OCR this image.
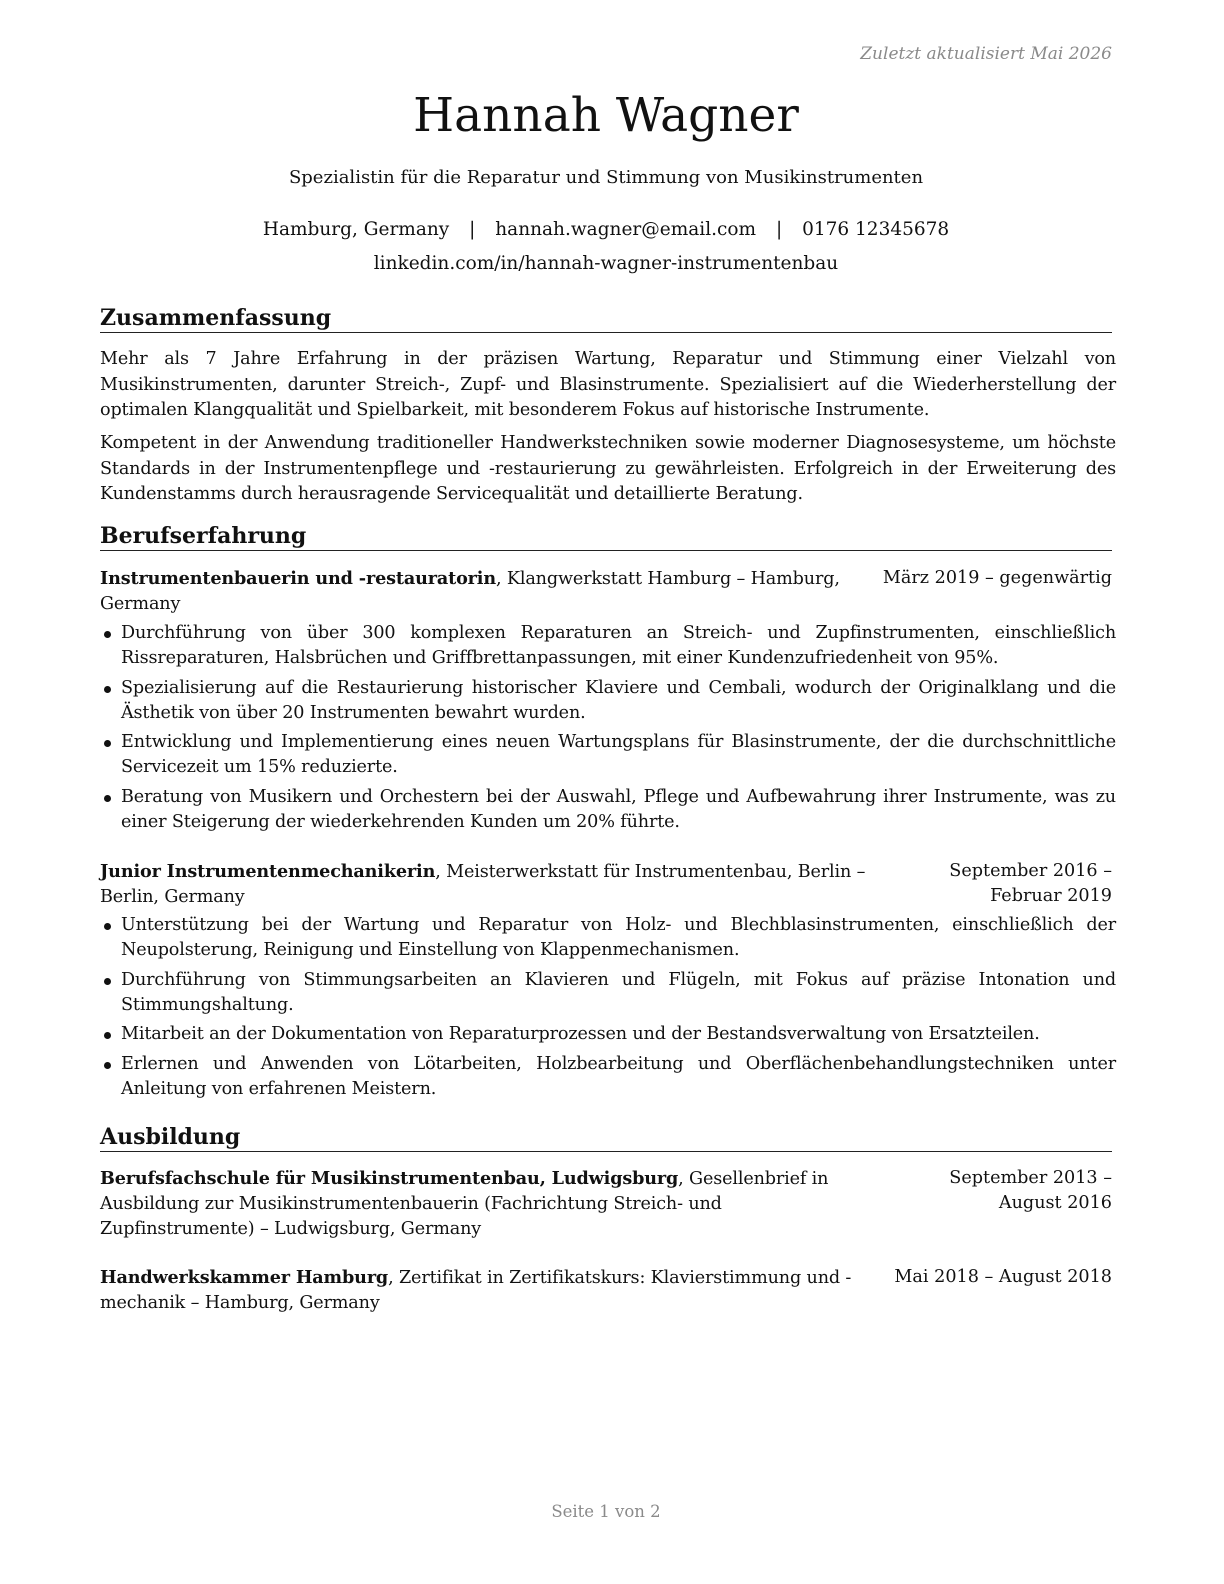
Zuletzt aktualisiert Mai 2026
Hannah Wagner
Spezialistin für die Reparatur und Stimmung von Musikinstrumenten
Hamburg, Germany | hannah.wagner@email.com | 0176 12345678
linkedin.com/in/hannah-wagner-instrumentenbau
Zusammenfassung
Mehr als 7 Jahre Erfahrung in der präzisen Wartung, Reparatur und Stimmung einer Vielzahl von Musikinstrumenten, darunter Streich-, Zupf- und Blasinstrumente. Spezialisiert auf die Wiederherstellung der optimalen Klangqualität und Spielbarkeit, mit besonderem Fokus auf historische Instrumente.
Kompetent in der Anwendung traditioneller Handwerkstechniken sowie moderner Diagnosesysteme, um höchste Standards in der Instrumentenpflege und -restaurierung zu gewährleisten. Erfolgreich in der Erweiterung des Kundenstamms durch herausragende Servicequalität und detaillierte Beratung.
Berufserfahrung
Instrumentenbauerin und -restauratorin, Klangwerkstatt Hamburg – Hamburg, Germany
März 2019 – gegenwärtig
Durchführung von über 300 komplexen Reparaturen an Streich- und Zupfinstrumenten, einschließlich Rissreparaturen, Halsbrüchen und Griffbrettanpassungen, mit einer Kundenzufriedenheit von 95%.
Spezialisierung auf die Restaurierung historischer Klaviere und Cembali, wodurch der Originalklang und die Ästhetik von über 20 Instrumenten bewahrt wurden.
Entwicklung und Implementierung eines neuen Wartungsplans für Blasinstrumente, der die durchschnittliche Servicezeit um 15% reduzierte.
Beratung von Musikern und Orchestern bei der Auswahl, Pflege und Aufbewahrung ihrer Instrumente, was zu einer Steigerung der wiederkehrenden Kunden um 20% führte.
Junior Instrumentenmechanikerin, Meisterwerkstatt für Instrumentenbau, Berlin – Berlin, Germany
September 2016 – Februar 2019
Unterstützung bei der Wartung und Reparatur von Holz- und Blechblasinstrumenten, einschließlich der Neupolsterung, Reinigung und Einstellung von Klappenmechanismen.
Durchführung von Stimmungsarbeiten an Klavieren und Flügeln, mit Fokus auf präzise Intonation und Stimmungshaltung.
Mitarbeit an der Dokumentation von Reparaturprozessen und der Bestandsverwaltung von Ersatzteilen.
Erlernen und Anwenden von Lötarbeiten, Holzbearbeitung und Oberflächenbehandlungstechniken unter Anleitung von erfahrenen Meistern.
Ausbildung
Berufsfachschule für Musikinstrumentenbau, Ludwigsburg, Gesellenbrief in Ausbildung zur Musikinstrumentenbauerin (Fachrichtung Streich- und Zupfinstrumente) – Ludwigsburg, Germany
September 2013 – August 2016
Handwerkskammer Hamburg, Zertifikat in Zertifikatskurs: Klavierstimmung und -mechanik – Hamburg, Germany
Mai 2018 – August 2018
Seite 1 von 2
